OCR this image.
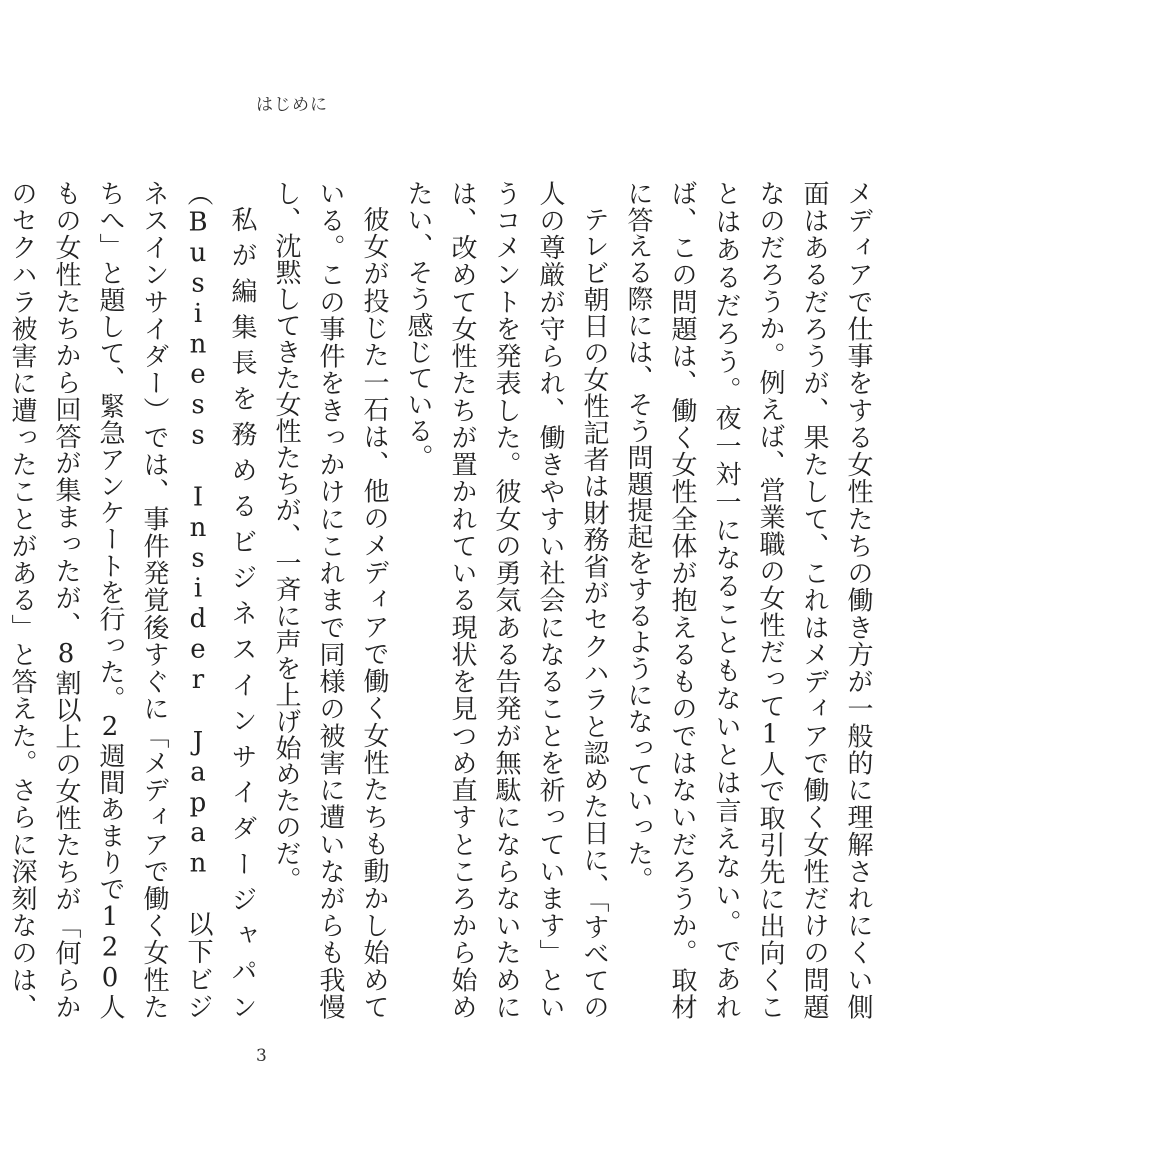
はじめに

メディアで仕事をする女性たちの働き方が一般的に理解されにくい側面はあるだろうが、果たして、これはメディアで働く女性だけの問題なのだろうか。例えば、営業職の女性だって1人で取引先に出向くことはあるだろう。夜一対一になることもないとは言えない。であれば、この問題は、働く女性全体が抱えるものではないだろうか。取材に答える際には、そう問題提起をするようになっていった。

テレビ朝日の女性記者は財務省がセクハラと認めた日に、「すべての人の尊厳が守られ、働きやすい社会になることを祈っています」というコメントを発表した。彼女の勇気ある告発が無駄にならないためには、改めて女性たちが置かれている現状を見つめ直すところから始めたい、そう感じている。

彼女が投じた一石は、他のメディアで働く女性たちも動かし始めている。この事件をきっかけにこれまで同様の被害に遭いながらも我慢し、沈黙してきた女性たちが、一斉に声を上げ始めたのだ。

私が編集長を務めるビジネスインサイダージャパン（Business Insider Japan 以下ビジネスインサイダー）では、事件発覚後すぐに「メディアで働く女性たちへ」と題して、緊急アンケートを行った。2週間あまりで120人もの女性たちから回答が集まったが、8割以上の女性たちが「何らかのセクハラ被害に遭ったことがある」と答えた。さらに深刻なのは、

3
